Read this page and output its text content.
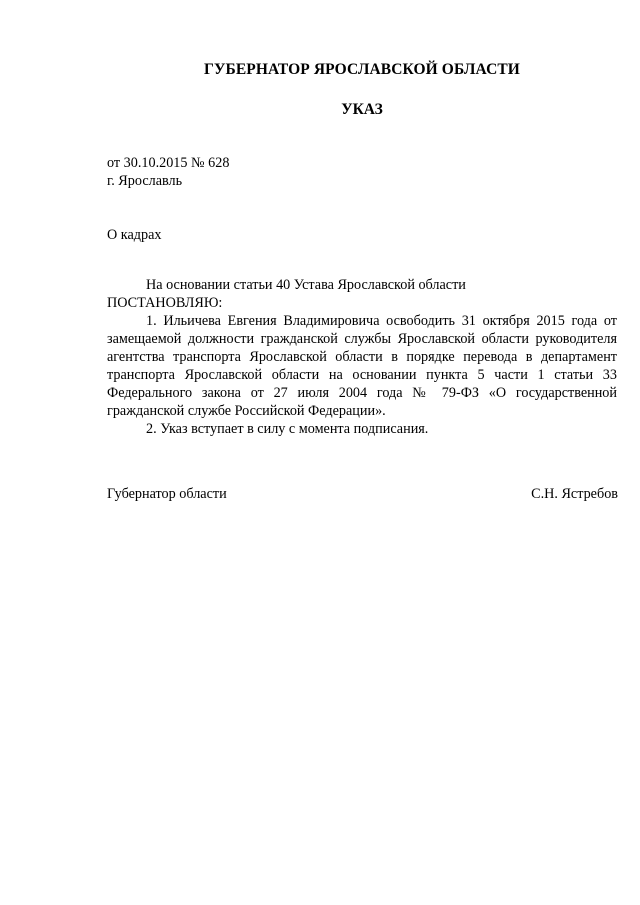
ГУБЕРНАТОР ЯРОСЛАВСКОЙ ОБЛАСТИ
УКАЗ
от 30.10.2015 № 628
г. Ярославль
О кадрах
На основании статьи 40 Устава Ярославской области
ПОСТАНОВЛЯЮ:

1. Ильичева Евгения Владимировича освободить 31 октября 2015 года от замещаемой должности гражданской службы Ярославской области руководителя агентства транспорта Ярославской области в порядке перевода в департамент транспорта Ярославской области на основании пункта 5 части 1 статьи 33 Федерального закона от 27 июля 2004 года № 79-ФЗ «О государственной гражданской службе Российской Федерации».

2. Указ вступает в силу с момента подписания.

Губернатор области	С.Н. Ястребов
